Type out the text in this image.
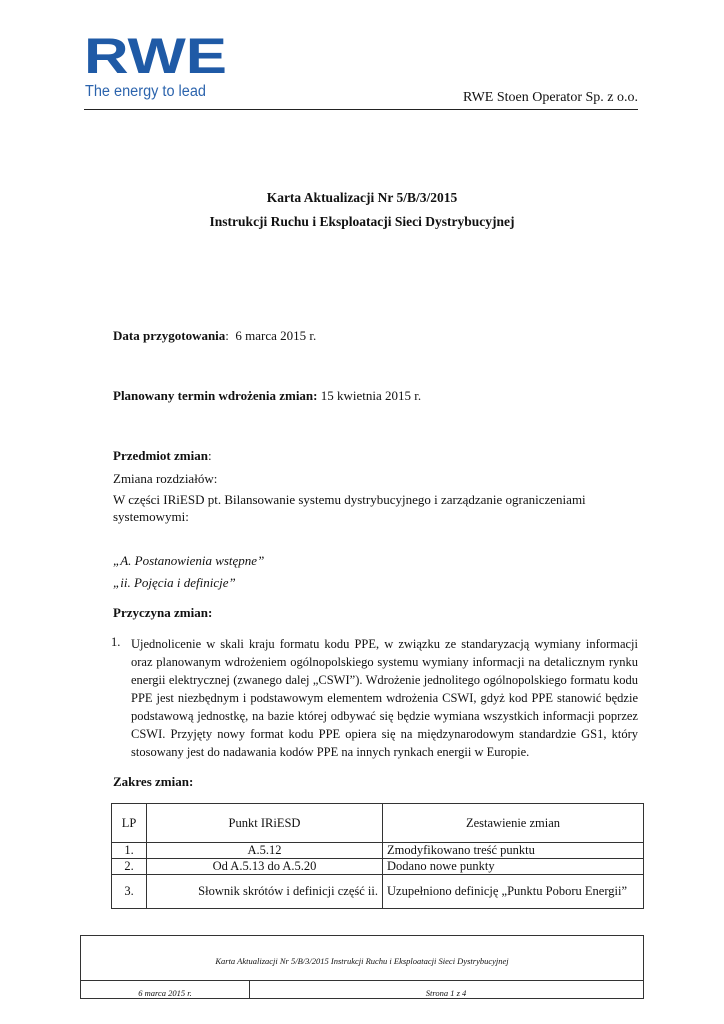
RWE
The energy to lead	RWE Stoen Operator Sp. z o.o.
Karta Aktualizacji Nr 5/B/3/2015
Instrukcji Ruchu i Eksploatacji Sieci Dystrybucyjnej
Data przygotowania: 6 marca 2015 r.
Planowany termin wdrożenia zmian: 15 kwietnia 2015 r.
Przedmiot zmian:
Zmiana rozdziałów:
W części IRiESD pt. Bilansowanie systemu dystrybucyjnego i zarządzanie ograniczeniami
systemowymi:
„A. Postanowienia wstępne”
„ii. Pojęcia i definicje”
Przyczyna zmian:
1. Ujednolicenie w skali kraju formatu kodu PPE, w związku ze standaryzacją wymiany informacji oraz planowanym wdrożeniem ogólnopolskiego systemu wymiany informacji na detalicznym rynku energii elektrycznej (zwanego dalej „CSWI”). Wdrożenie jednolitego ogólnopolskiego formatu kodu PPE jest niezbędnym i podstawowym elementem wdrożenia CSWI, gdyż kod PPE stanowić będzie podstawową jednostkę, na bazie której odbywać się będzie wymiana wszystkich informacji poprzez CSWI. Przyjęty nowy format kodu PPE opiera się na międzynarodowym standardzie GS1, który stosowany jest do nadawania kodów PPE na innych rynkach energii w Europie.
Zakres zmian:
LP	Punkt IRiESD	Zestawienie zmian
1.	A.5.12	Zmodyfikowano treść punktu
2.	Od A.5.13 do A.5.20	Dodano nowe punkty
3.	Słownik skrótów i definicji część ii.	Uzupełniono definicję „Punktu Poboru Energii”
Karta Aktualizacji Nr 5/B/3/2015 Instrukcji Ruchu i Eksploatacji Sieci Dystrybucyjnej
6 marca 2015 r.	Strona 1 z 4
